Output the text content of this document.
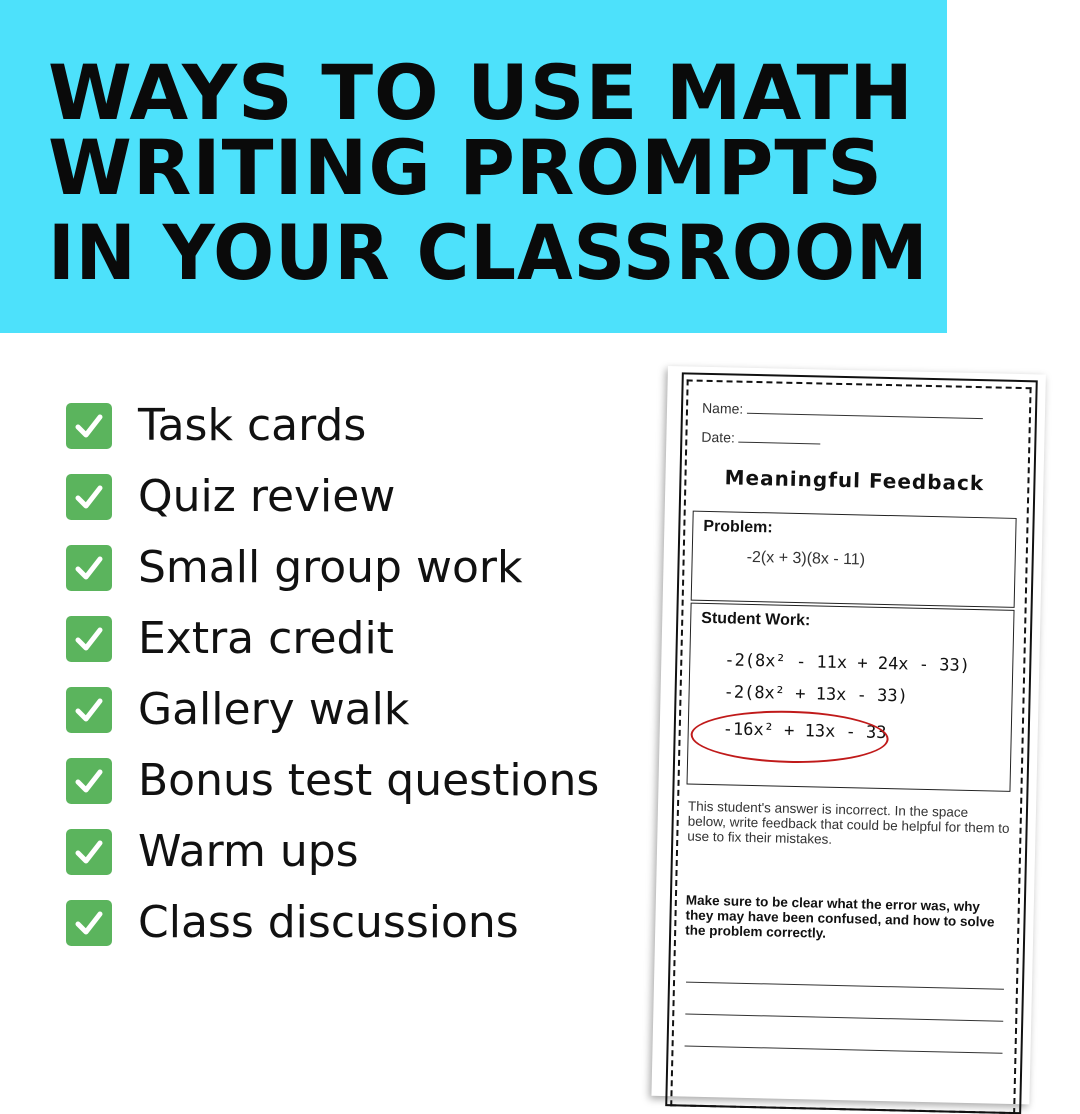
WAYS TO USE MATH
WRITING PROMPTS
IN YOUR CLASSROOM
Task cards
Quiz review
Small group work
Extra credit
Gallery walk
Bonus test questions
Warm ups
Class discussions
Name:
Date:
Meaningful Feedback
Problem:
-2(x + 3)(8x - 11)
Student Work:
-2(8x² - 11x + 24x - 33)
-2(8x² + 13x - 33)
-16x² + 13x - 33
This student's answer is incorrect. In the space below, write feedback that could be helpful for them to use to fix their mistakes.
Make sure to be clear what the error was, why they may have been confused, and how to solve the problem correctly.
